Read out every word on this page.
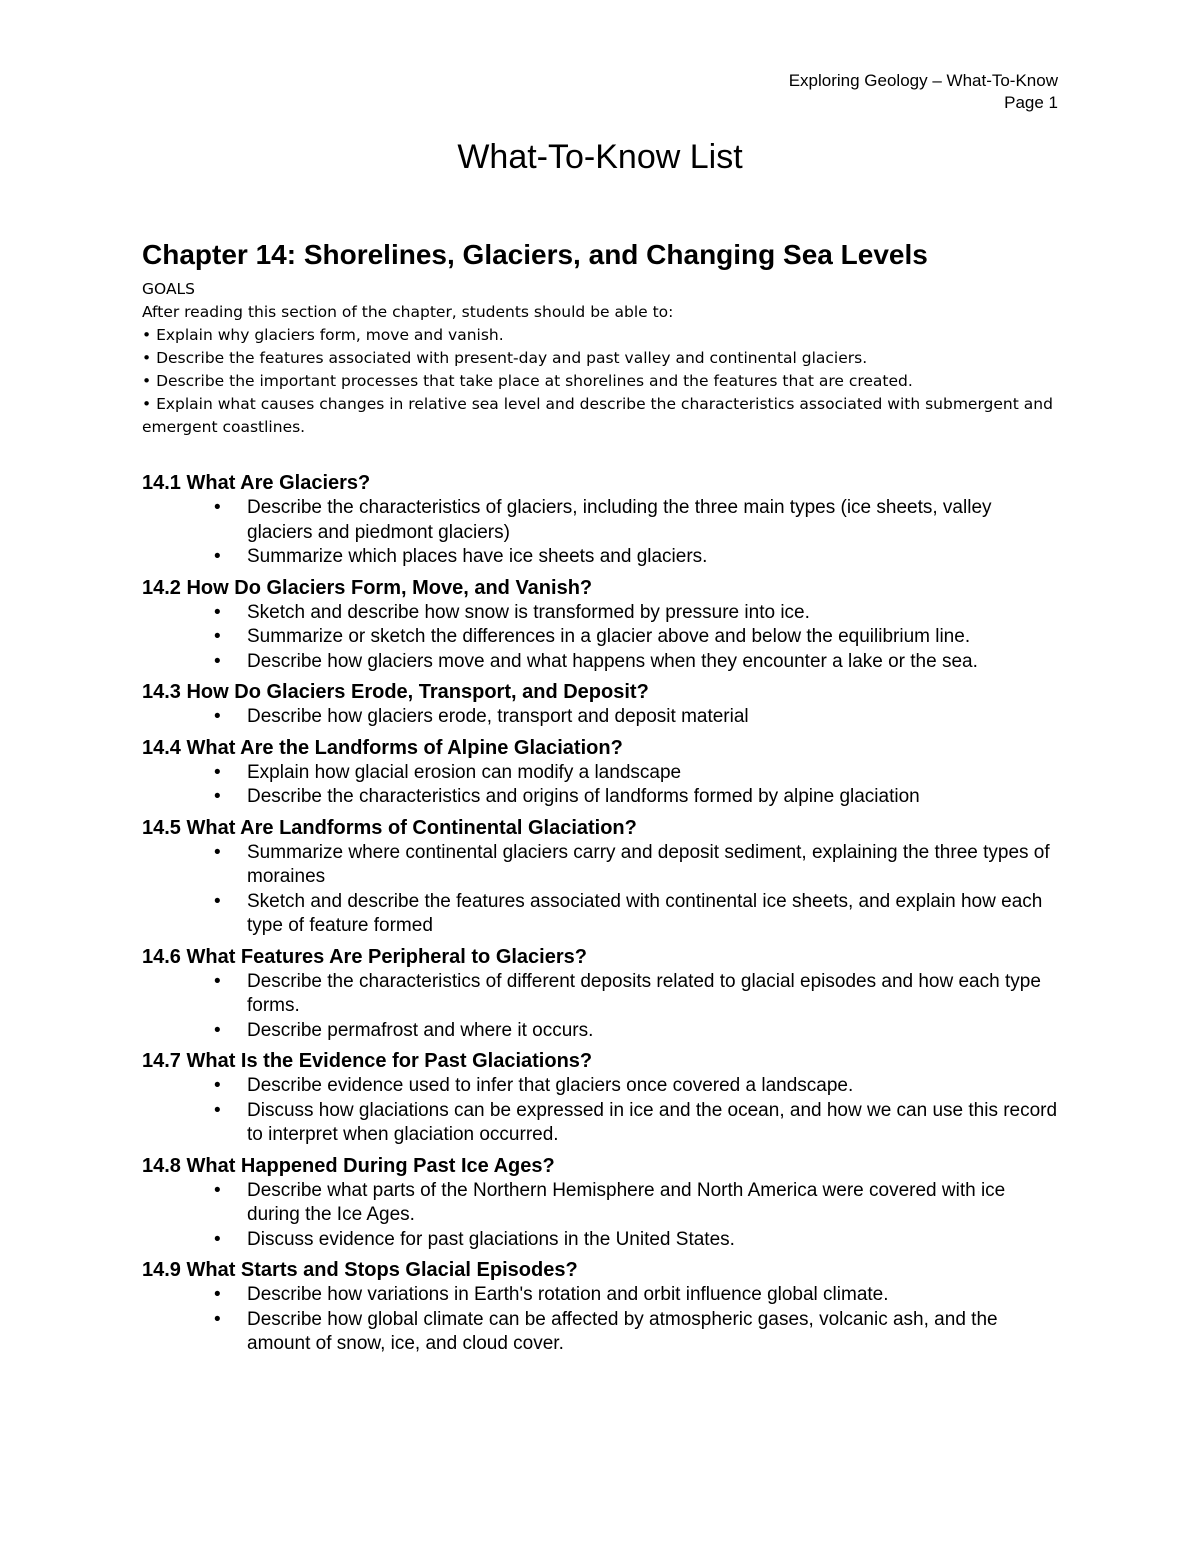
Exploring Geology – What-To-Know
Page 1
What-To-Know List
Chapter 14: Shorelines, Glaciers, and Changing Sea Levels
GOALS
After reading this section of the chapter, students should be able to:
• Explain why glaciers form, move and vanish.
• Describe the features associated with present-day and past valley and continental glaciers.
• Describe the important processes that take place at shorelines and the features that are created.
• Explain what causes changes in relative sea level and describe the characteristics associated with submergent and emergent coastlines.
14.1 What Are Glaciers?
• Describe the characteristics of glaciers, including the three main types (ice sheets, valley glaciers and piedmont glaciers)
• Summarize which places have ice sheets and glaciers.
14.2 How Do Glaciers Form, Move, and Vanish?
• Sketch and describe how snow is transformed by pressure into ice.
• Summarize or sketch the differences in a glacier above and below the equilibrium line.
• Describe how glaciers move and what happens when they encounter a lake or the sea.
14.3 How Do Glaciers Erode, Transport, and Deposit?
• Describe how glaciers erode, transport and deposit material
14.4 What Are the Landforms of Alpine Glaciation?
• Explain how glacial erosion can modify a landscape
• Describe the characteristics and origins of landforms formed by alpine glaciation
14.5 What Are Landforms of Continental Glaciation?
• Summarize where continental glaciers carry and deposit sediment, explaining the three types of moraines
• Sketch and describe the features associated with continental ice sheets, and explain how each type of feature formed
14.6 What Features Are Peripheral to Glaciers?
• Describe the characteristics of different deposits related to glacial episodes and how each type forms.
• Describe permafrost and where it occurs.
14.7 What Is the Evidence for Past Glaciations?
• Describe evidence used to infer that glaciers once covered a landscape.
• Discuss how glaciations can be expressed in ice and the ocean, and how we can use this record to interpret when glaciation occurred.
14.8 What Happened During Past Ice Ages?
• Describe what parts of the Northern Hemisphere and North America were covered with ice during the Ice Ages.
• Discuss evidence for past glaciations in the United States.
14.9 What Starts and Stops Glacial Episodes?
• Describe how variations in Earth's rotation and orbit influence global climate.
• Describe how global climate can be affected by atmospheric gases, volcanic ash, and the amount of snow, ice, and cloud cover.
